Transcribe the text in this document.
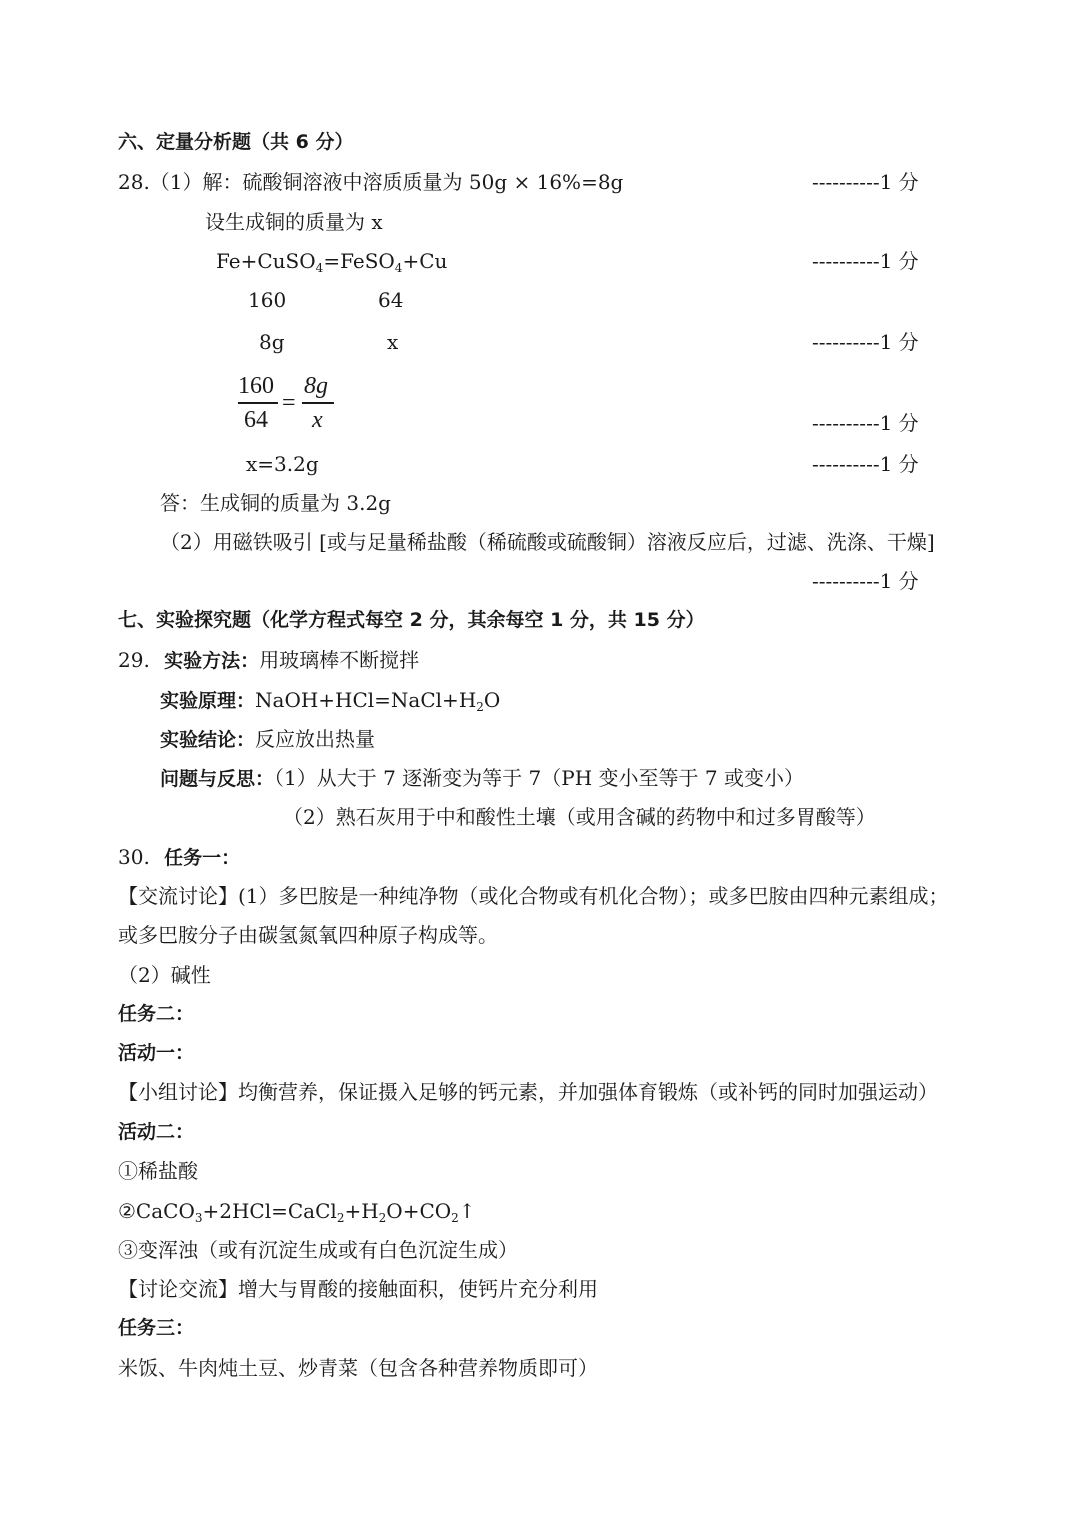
六、定量分析题（共 6 分）
28.（1）解：硫酸铜溶液中溶质质量为 50g × 16%=8g	----------1 分
设生成铜的质量为 x
Fe+CuSO$_4$=FeSO$_4$+Cu	----------1 分
160	64
8g	x	----------1 分
160
64
=
8g
x	----------1 分
x=3.2g	----------1 分
答：生成铜的质量为 3.2g
（2）用磁铁吸引 [或与足量稀盐酸（稀硫酸或硫酸铜）溶液反应后，过滤、洗涤、干燥]
----------1 分
七、实验探究题（化学方程式每空 2 分，其余每空 1 分，共 15 分）
29. 实验方法：用玻璃棒不断搅拌
实验原理：$NaOH+HCl=NaCl+H_2O$
实验结论：反应放出热量
问题与反思：（1）从大于 7 逐渐变为等于 7（PH 变小至等于 7 或变小）
（2）熟石灰用于中和酸性土壤（或用含碱的药物中和过多胃酸等）
30. 任务一：
【交流讨论】(1）多巴胺是一种纯净物（或化合物或有机化合物）；或多巴胺由四种元素组成；
或多巴胺分子由碳氢氮氧四种原子构成等。
（2）碱性
任务二：
活动一：
【小组讨论】均衡营养，保证摄入足够的钙元素，并加强体育锻炼（或补钙的同时加强运动）
活动二：
①稀盐酸
$②CaCO_3+2HCl=CaCl_2+H_2O+CO_2↑$
③变浑浊（或有沉淀生成或有白色沉淀生成）
【讨论交流】增大与胃酸的接触面积，使钙片充分利用
任务三：
米饭、牛肉炖土豆、炒青菜（包含各种营养物质即可）
